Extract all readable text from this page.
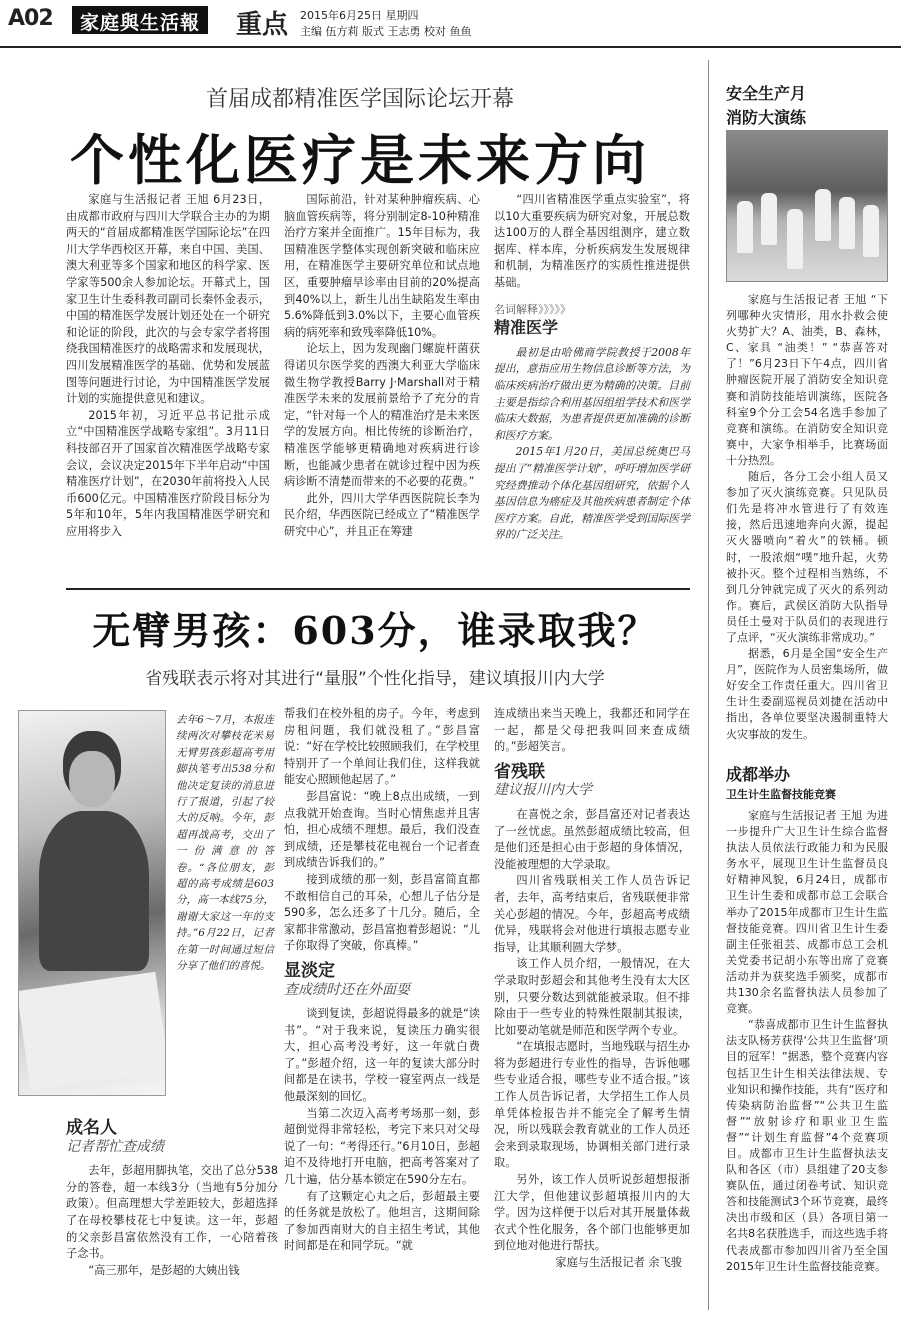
A02	家庭與生活報	重点 2015年6月25日 星期四
主编 伍方莉 版式 王志勇 校对 鱼鱼
首届成都精准医学国际论坛开幕
个性化医疗是未来方向

家庭与生活报记者 王旭 6月23日，由成都市政府与四川大学联合主办的为期两天的“首届成都精准医学国际论坛”在四川大学华西校区开幕，来自中国、美国、澳大利亚等多个国家和地区的科学家、医学家等500余人参加论坛。开幕式上，国家卫生计生委科教司副司长秦怀金表示，中国的精准医学发展计划还处在一个研究和论证的阶段，此次的与会专家学者将围绕我国精准医疗的战略需求和发展现状，四川发展精准医学的基础、优势和发展蓝图等问题进行讨论，为中国精准医学发展计划的实施提供意见和建议。

2015年初，习近平总书记批示成立“中国精准医学战略专家组”。3月11日科技部召开了国家首次精准医学战略专家会议，会议决定2015年下半年启动“中国精准医疗计划”，在2030年前将投入人民币600亿元。中国精准医疗阶段目标分为5年和10年，5年内我国精准医学研究和应用将步入

国际前沿，针对某种肿瘤疾病、心脑血管疾病等，将分别制定8-10种精准治疗方案并全面推广。15年目标为，我国精准医学整体实现创新突破和临床应用，在精准医学主要研究单位和试点地区，重要肿瘤早诊率由目前的20%提高到40%以上，新生儿出生缺陷发生率由5.6%降低到3.0%以下，主要心血管疾病的病死率和致残率降低10%。

论坛上，因为发现幽门螺旋杆菌获得诺贝尔医学奖的西澳大利亚大学临床微生物学教授Barry J·Marshall对于精准医学未来的发展前景给予了充分的肯定，“针对每一个人的精准治疗是未来医学的发展方向。相比传统的诊断治疗，精准医学能够更精确地对疾病进行诊断，也能减少患者在就诊过程中因为疾病诊断不清楚而带来的不必要的花费。”

此外，四川大学华西医院院长李为民介绍，华西医院已经成立了“精准医学研究中心”，并且正在筹建

“四川省精准医学重点实验室”，将以10大重要疾病为研究对象，开展总数达100万的人群全基因组测序，建立数据库、样本库，分析疾病发生发展规律和机制，为精准医疗的实质性推进提供基础。

名词解释》》》》》
精准医学

最初是由哈佛商学院教授于2008年提出，意指应用生物信息诊断等方法，为临床疾病治疗做出更为精确的决策。目前主要是指综合利用基因组组学技术和医学临床大数据，为患者提供更加准确的诊断和医疗方案。

2015年1月20日，美国总统奥巴马提出了“精准医学计划”，呼吁增加医学研究经费推动个体化基因组研究，依据个人基因信息为癌症及其他疾病患者制定个体医疗方案。自此，精准医学受到国际医学界的广泛关注。

无臂男孩：603分，谁录取我？
省残联表示将对其进行“量服”个性化指导，建议填报川内大学
去年6～7月，本报连续两次对攀枝花米易无臂男孩彭超高考用脚执笔考出538分和他决定复读的消息进行了报道，引起了较大的反响。今年，彭超再战高考，交出了一份满意的答卷。“各位朋友，彭超的高考成绩是603分，高一本线75分，谢谢大家这一年的支持。”6月22日，记者在第一时间通过短信分享了他们的喜悦。
成名人
记者帮忙查成绩

去年，彭超用脚执笔，交出了总分538分的答卷，超一本线3分（当地有5分加分政策）。但高理想大学差距较大，彭超选择了在母校攀枝花七中复读。这一年，彭超的父亲彭昌富依然没有工作，一心陪着孩子念书。

“高三那年，是彭超的大姨出钱

帮我们在校外租的房子。今年，考虑到房租问题，我们就没租了。”彭昌富说：“好在学校比较照顾我们，在学校里特别开了一个单间让我们住，这样我就能安心照顾他起居了。”

彭昌富说：“晚上8点出成绩，一到点我就开始查询。当时心情焦虑并且害怕，担心成绩不理想。最后，我们没查到成绩，还是攀枝花电视台一个记者查到成绩告诉我们的。”

接到成绩的那一刻，彭昌富简直都不敢相信自己的耳朵，心想儿子估分是590多，怎么还多了十几分。随后，全家都非常激动，彭昌富抱着彭超说：“儿子你取得了突破，你真棒。”

显淡定
查成绩时还在外面耍

谈到复读，彭超说得最多的就是“读书”。“对于我来说，复读压力确实很大，担心高考没考好，这一年就白费了。”彭超介绍，这一年的复读大部分时间都是在读书，学校一寝室两点一线是他最深刻的回忆。

当第二次迈入高考考场那一刻，彭超倒觉得非常轻松，考完下来只对父母说了一句：“考得还行。”6月10日，彭超迫不及待地打开电脑，把高考答案对了几十遍，估分基本锁定在590分左右。

有了这颗定心丸之后，彭超最主要的任务就是放松了。他坦言，这期间除了参加西南财大的自主招生考试，其他时间都是在和同学玩。“就

连成绩出来当天晚上，我都还和同学在一起，都是父母把我叫回来查成绩的。”彭超笑言。

省残联
建议报川内大学

在喜悦之余，彭昌富还对记者表达了一丝忧虑。虽然彭超成绩比较高，但是他们还是担心由于彭超的身体情况，没能被理想的大学录取。

四川省残联相关工作人员告诉记者，去年，高考结束后，省残联便非常关心彭超的情况。今年，彭超高考成绩优异，残联将会对他进行填报志愿专业指导，让其顺利圆大学梦。

该工作人员介绍，一般情况，在大学录取时彭超会和其他考生没有太大区别，只要分数达到就能被录取。但不排除由于一些专业的特殊性限制其报读，比如要动笔就是师范和医学两个专业。

“在填报志愿时，当地残联与招生办将为彭超进行专业性的指导，告诉他哪些专业适合报，哪些专业不适合报。”该工作人员告诉记者，大学招生工作人员单凭体检报告并不能完全了解考生情况，所以残联会教育就业的工作人员还会来到录取现场，协调相关部门进行录取。

另外，该工作人员听说彭超想报浙江大学，但他建议彭超填报川内的大学。因为这样便于以后对其开展量体裁衣式个性化服务，各个部门也能够更加到位地对他进行帮扶。

家庭与生活报记者 余飞骏
安全生产月
消防大演练

家庭与生活报记者 王旭 “下列哪种火灾情形，用水扑救会使火势扩大？A、油类，B、森林，C、家具 “油类！” “恭喜答对了！”6月23日下午4点，四川省肿瘤医院开展了消防安全知识竞赛和消防技能培训演练，医院各科室9个分工会54名选手参加了竞赛和演练。在消防安全知识竞赛中，大家争相举手，比赛场面十分热烈。

随后，各分工会小组人员又参加了灭火演练竞赛。只见队员们先是将冲水管进行了有效连接，然后迅速地奔向火源，提起灭火器喷向“着火”的铁桶。顿时，一股浓烟“噗”地升起，火势被扑灭。整个过程相当熟练，不到几分钟就完成了灭火的系列动作。赛后，武侯区消防大队指导员任土曼对于队员们的表现进行了点评，“灭火演练非常成功。”

据悉，6月是全国“安全生产月”，医院作为人员密集场所，做好安全工作责任重大。四川省卫生计生委副巡视员刘捷在活动中指出，各单位要坚决遏制重特大火灾事故的发生。

成都举办
卫生计生监督技能竞赛

家庭与生活报记者 王旭 为进一步提升广大卫生计生综合监督执法人员依法行政能力和为民服务水平，展现卫生计生监督员良好精神风貌，6月24日，成都市卫生计生委和成都市总工会联合举办了2015年成都市卫生计生监督技能竞赛。四川省卫生计生委副主任张祖芸、成都市总工会机关党委书记胡小东等出席了竞赛活动并为获奖选手颁奖，成都市共130余名监督执法人员参加了竞赛。

“恭喜成都市卫生计生监督执法支队杨芳获得‘公共卫生监督’项目的冠军！”据悉，整个竞赛内容包括卫生计生相关法律法规、专业知识和操作技能，共有“医疗和传染病防治监督”“公共卫生监督”“放射诊疗和职业卫生监督”“计划生育监督”4个竞赛项目。成都市卫生计生监督执法支队和各区（市）县组建了20支参赛队伍，通过闭卷考试、知识竞答和技能测试3个环节竞赛，最终决出市级和区（县）各项目第一名共8名获胜选手，而这些选手将代表成都市参加四川省乃至全国2015年卫生计生监督技能竞赛。
